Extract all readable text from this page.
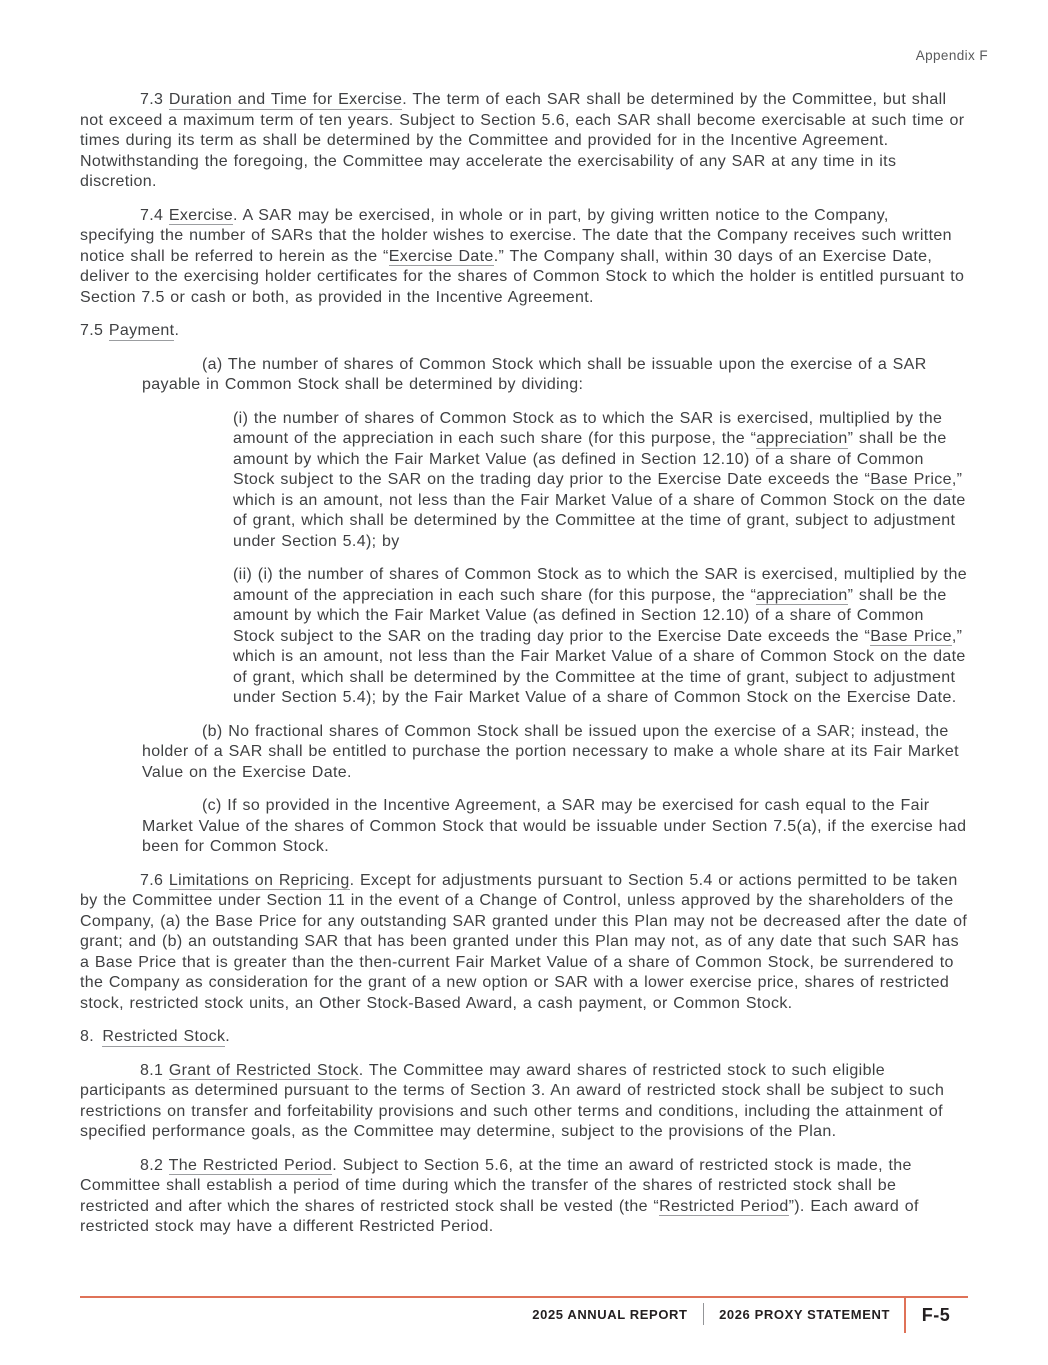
Appendix F

7.3 Duration and Time for Exercise. The term of each SAR shall be determined by the Committee, but shall not exceed a maximum term of ten years. Subject to Section 5.6, each SAR shall become exercisable at such time or times during its term as shall be determined by the Committee and provided for in the Incentive Agreement. Notwithstanding the foregoing, the Committee may accelerate the exercisability of any SAR at any time in its discretion.

7.4 Exercise. A SAR may be exercised, in whole or in part, by giving written notice to the Company, specifying the number of SARs that the holder wishes to exercise. The date that the Company receives such written notice shall be referred to herein as the “Exercise Date.” The Company shall, within 30 days of an Exercise Date, deliver to the exercising holder certificates for the shares of Common Stock to which the holder is entitled pursuant to Section 7.5 or cash or both, as provided in the Incentive Agreement.

7.5 Payment.

(a) The number of shares of Common Stock which shall be issuable upon the exercise of a SAR payable in Common Stock shall be determined by dividing:

(i) the number of shares of Common Stock as to which the SAR is exercised, multiplied by the amount of the appreciation in each such share (for this purpose, the “appreciation” shall be the amount by which the Fair Market Value (as defined in Section 12.10) of a share of Common Stock subject to the SAR on the trading day prior to the Exercise Date exceeds the “Base Price,” which is an amount, not less than the Fair Market Value of a share of Common Stock on the date of grant, which shall be determined by the Committee at the time of grant, subject to adjustment under Section 5.4); by

(ii) (i) the number of shares of Common Stock as to which the SAR is exercised, multiplied by the amount of the appreciation in each such share (for this purpose, the “appreciation” shall be the amount by which the Fair Market Value (as defined in Section 12.10) of a share of Common Stock subject to the SAR on the trading day prior to the Exercise Date exceeds the “Base Price,” which is an amount, not less than the Fair Market Value of a share of Common Stock on the date of grant, which shall be determined by the Committee at the time of grant, subject to adjustment under Section 5.4); by the Fair Market Value of a share of Common Stock on the Exercise Date.

(b) No fractional shares of Common Stock shall be issued upon the exercise of a SAR; instead, the holder of a SAR shall be entitled to purchase the portion necessary to make a whole share at its Fair Market Value on the Exercise Date.

(c) If so provided in the Incentive Agreement, a SAR may be exercised for cash equal to the Fair Market Value of the shares of Common Stock that would be issuable under Section 7.5(a), if the exercise had been for Common Stock.

7.6 Limitations on Repricing. Except for adjustments pursuant to Section 5.4 or actions permitted to be taken by the Committee under Section 11 in the event of a Change of Control, unless approved by the shareholders of the Company, (a) the Base Price for any outstanding SAR granted under this Plan may not be decreased after the date of grant; and (b) an outstanding SAR that has been granted under this Plan may not, as of any date that such SAR has a Base Price that is greater than the then-current Fair Market Value of a share of Common Stock, be surrendered to the Company as consideration for the grant of a new option or SAR with a lower exercise price, shares of restricted stock, restricted stock units, an Other Stock-Based Award, a cash payment, or Common Stock.

8. Restricted Stock.

8.1 Grant of Restricted Stock. The Committee may award shares of restricted stock to such eligible participants as determined pursuant to the terms of Section 3. An award of restricted stock shall be subject to such restrictions on transfer and forfeitability provisions and such other terms and conditions, including the attainment of specified performance goals, as the Committee may determine, subject to the provisions of the Plan.

8.2 The Restricted Period. Subject to Section 5.6, at the time an award of restricted stock is made, the Committee shall establish a period of time during which the transfer of the shares of restricted stock shall be restricted and after which the shares of restricted stock shall be vested (the “Restricted Period”). Each award of restricted stock may have a different Restricted Period.

2025 ANNUAL REPORT 2026 PROXY STATEMENT	F-5
